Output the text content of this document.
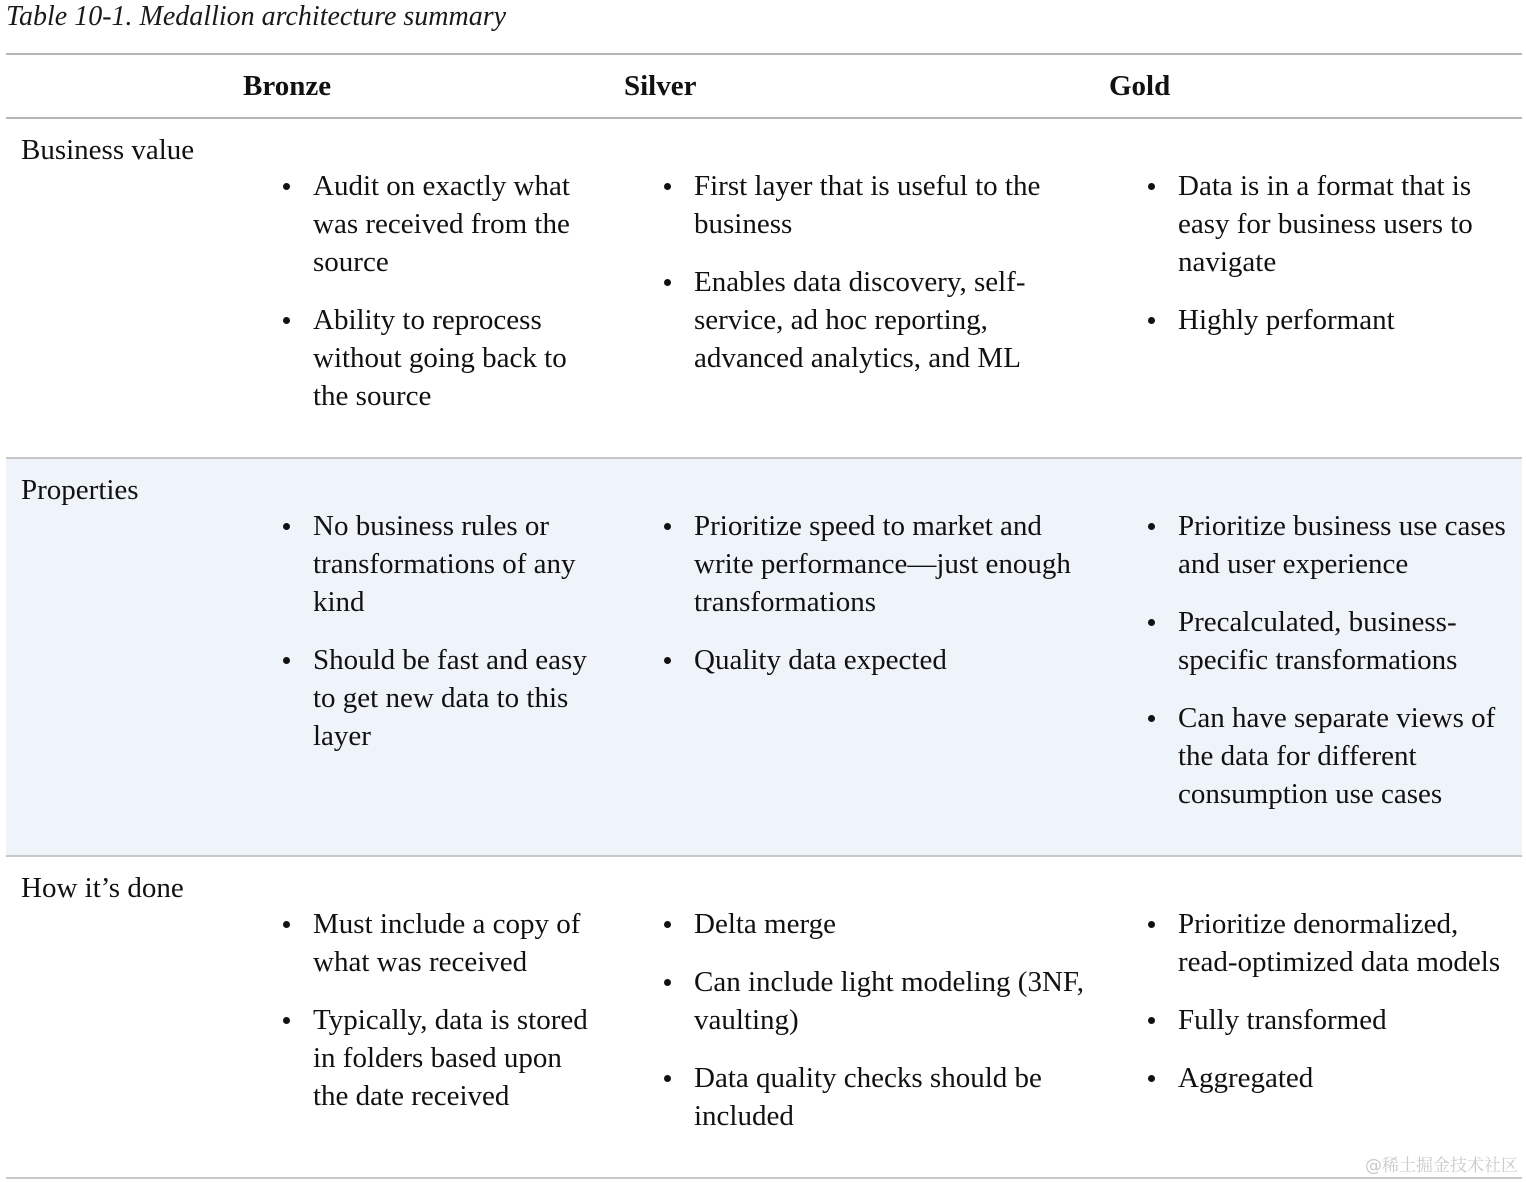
Table 10-1. Medallion architecture summary
Bronze	Silver	Gold
Business value
Audit on exactly what was received from the source
Ability to reprocess without going back to the source
First layer that is useful to the business
Enables data discovery, self-service, ad hoc reporting, advanced analytics, and ML
Data is in a format that is easy for business users to navigate
Highly performant
Properties
No business rules or transformations of any kind
Should be fast and easy to get new data to this layer
Prioritize speed to market and write performance—just enough transformations
Quality data expected
Prioritize business use cases and user experience
Precalculated, business-specific transformations
Can have separate views of the data for different consumption use cases
How it’s done
Must include a copy of what was received
Typically, data is stored in folders based upon the date received
Delta merge
Can include light modeling (3NF, vaulting)
Data quality checks should be included
Prioritize denormalized, read-optimized data models
Fully transformed
Aggregated
@稀土掘金技术社区
